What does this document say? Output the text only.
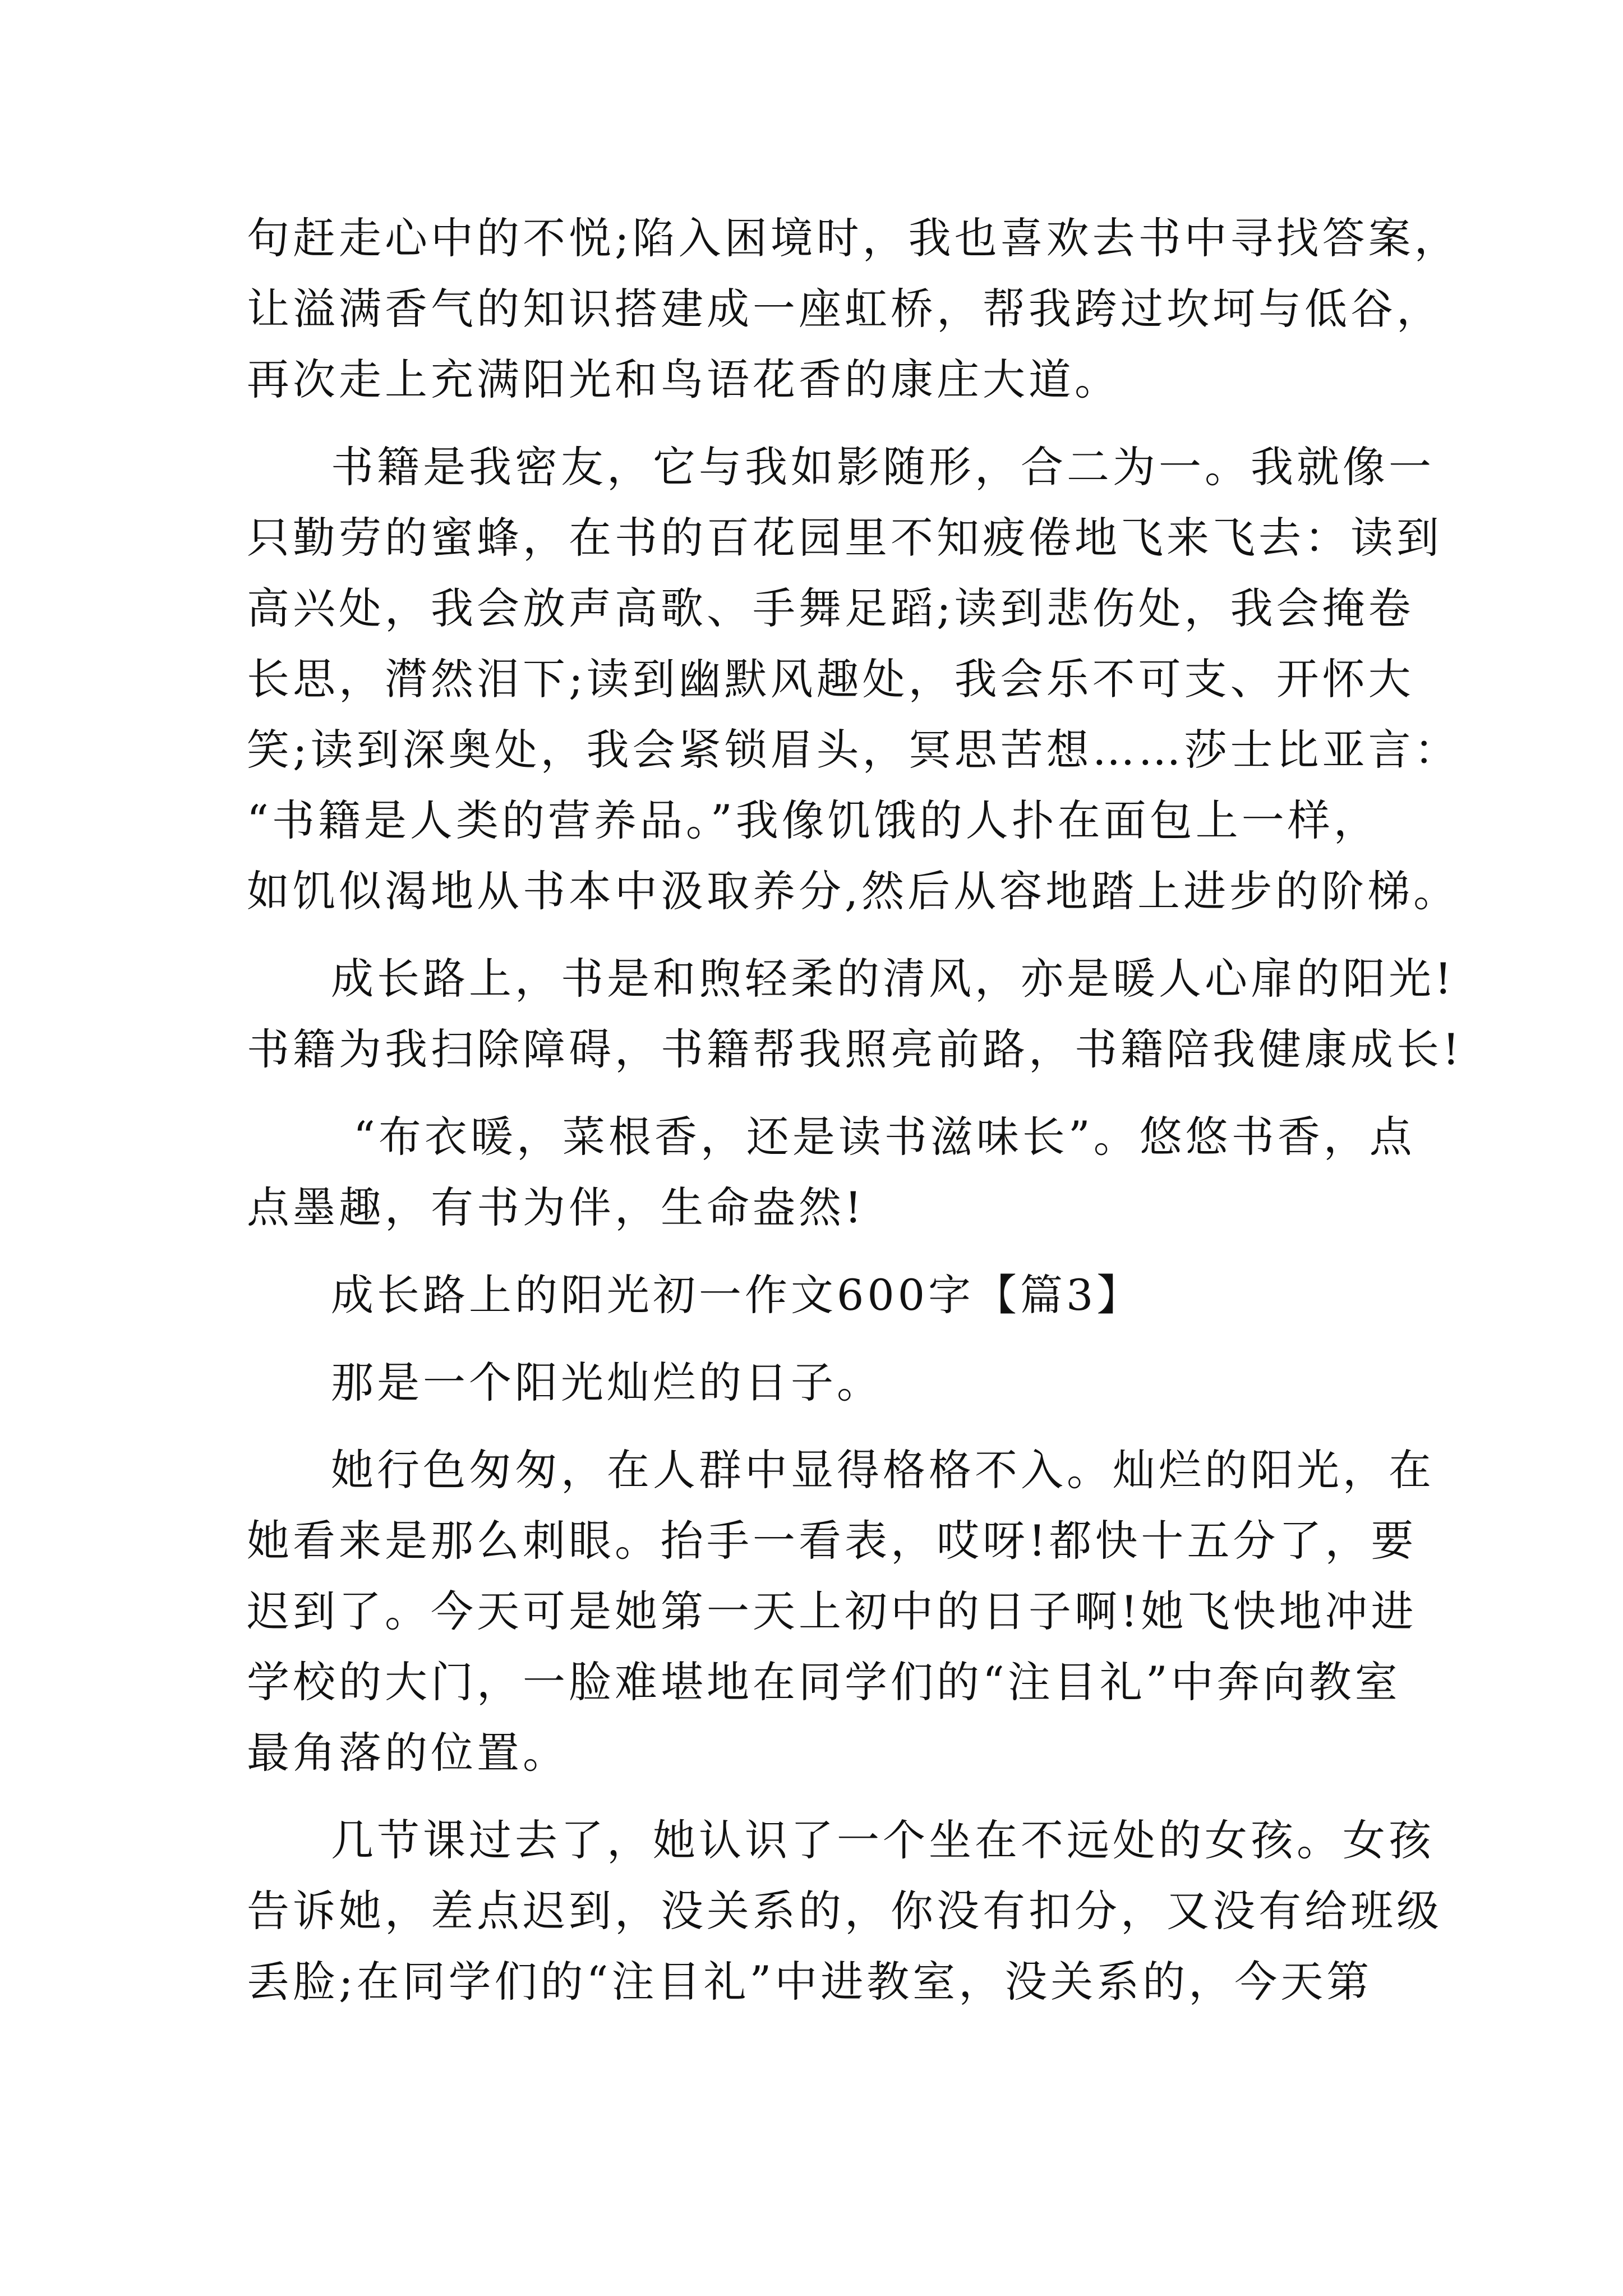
句赶走心中的不悦;陷入困境时，我也喜欢去书中寻找答案，
让溢满香气的知识搭建成一座虹桥，帮我跨过坎坷与低谷，
再次走上充满阳光和鸟语花香的康庄大道。
书籍是我密友，它与我如影随形，合二为一。我就像一
只勤劳的蜜蜂，在书的百花园里不知疲倦地飞来飞去：读到
高兴处，我会放声高歌、手舞足蹈;读到悲伤处，我会掩卷
长思，潸然泪下;读到幽默风趣处，我会乐不可支、开怀大
笑;读到深奥处，我会紧锁眉头，冥思苦想……莎士比亚言：
“书籍是人类的营养品。”我像饥饿的人扑在面包上一样，
如饥似渴地从书本中汲取养分,然后从容地踏上进步的阶梯。
成长路上，书是和煦轻柔的清风，亦是暖人心扉的阳光!
书籍为我扫除障碍，书籍帮我照亮前路，书籍陪我健康成长!
“布衣暖，菜根香，还是读书滋味长”。悠悠书香，点
点墨趣，有书为伴，生命盎然!
成长路上的阳光初一作文600字【篇3】
那是一个阳光灿烂的日子。
她行色匆匆，在人群中显得格格不入。灿烂的阳光，在
她看来是那么刺眼。抬手一看表，哎呀!都快十五分了，要
迟到了。今天可是她第一天上初中的日子啊!她飞快地冲进
学校的大门，一脸难堪地在同学们的“注目礼”中奔向教室
最角落的位置。
几节课过去了，她认识了一个坐在不远处的女孩。女孩
告诉她，差点迟到，没关系的，你没有扣分，又没有给班级
丢脸;在同学们的“注目礼”中进教室，没关系的，今天第
